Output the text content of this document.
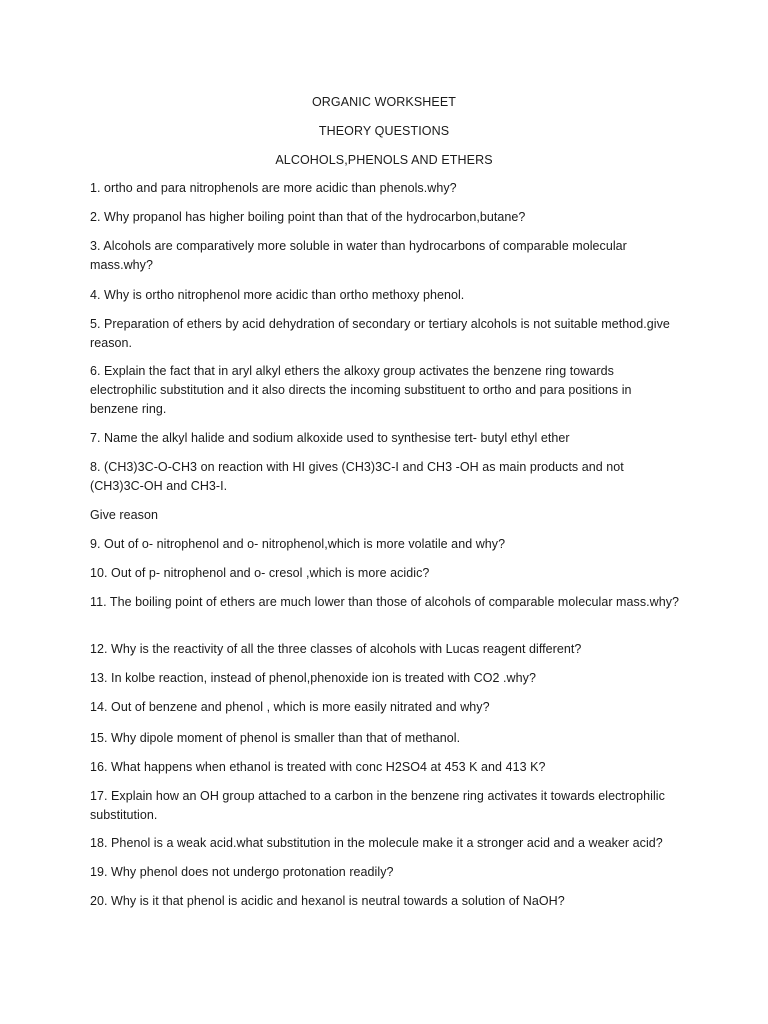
ORGANIC WORKSHEET
THEORY QUESTIONS
ALCOHOLS,PHENOLS AND ETHERS
1. ortho and para nitrophenols are more acidic than phenols.why?
2. Why propanol has higher boiling point than that of the hydrocarbon,butane?
3. Alcohols are comparatively more soluble in water than hydrocarbons of comparable molecular mass.why?
4. Why is ortho nitrophenol more acidic than ortho methoxy phenol.
5. Preparation of ethers by acid dehydration of secondary or tertiary alcohols is not suitable method.give reason.
6. Explain the fact that in aryl alkyl ethers the alkoxy group activates the benzene ring towards electrophilic substitution and it also directs the incoming substituent to ortho and para positions in benzene ring.
7. Name the alkyl halide and sodium alkoxide used to synthesise tert- butyl ethyl ether
8. (CH3)3C-O-CH3 on reaction with HI gives (CH3)3C-I and CH3 -OH as main products and not (CH3)3C-OH and CH3-I.
Give reason
9. Out of o- nitrophenol and o- nitrophenol,which is more volatile and why?
10. Out of p- nitrophenol and o- cresol ,which is more acidic?
11. The boiling point of ethers are much lower than those of alcohols of comparable molecular mass.why?
12. Why is the reactivity of all the three classes of alcohols with Lucas reagent different?
13. In kolbe reaction, instead of phenol,phenoxide ion is treated with CO2 .why?
14. Out of benzene and phenol , which is more easily nitrated and why?
15. Why dipole moment of phenol is smaller than that of methanol.
16. What happens when ethanol is treated with conc H2SO4 at 453 K and 413 K?
17. Explain how an OH group attached to a carbon in the benzene ring activates it towards electrophilic substitution.
18. Phenol is a weak acid.what substitution in the molecule make it a stronger acid and a weaker acid?
19. Why phenol does not undergo protonation readily?
20. Why is it that phenol is acidic and hexanol is neutral towards a solution of NaOH?
